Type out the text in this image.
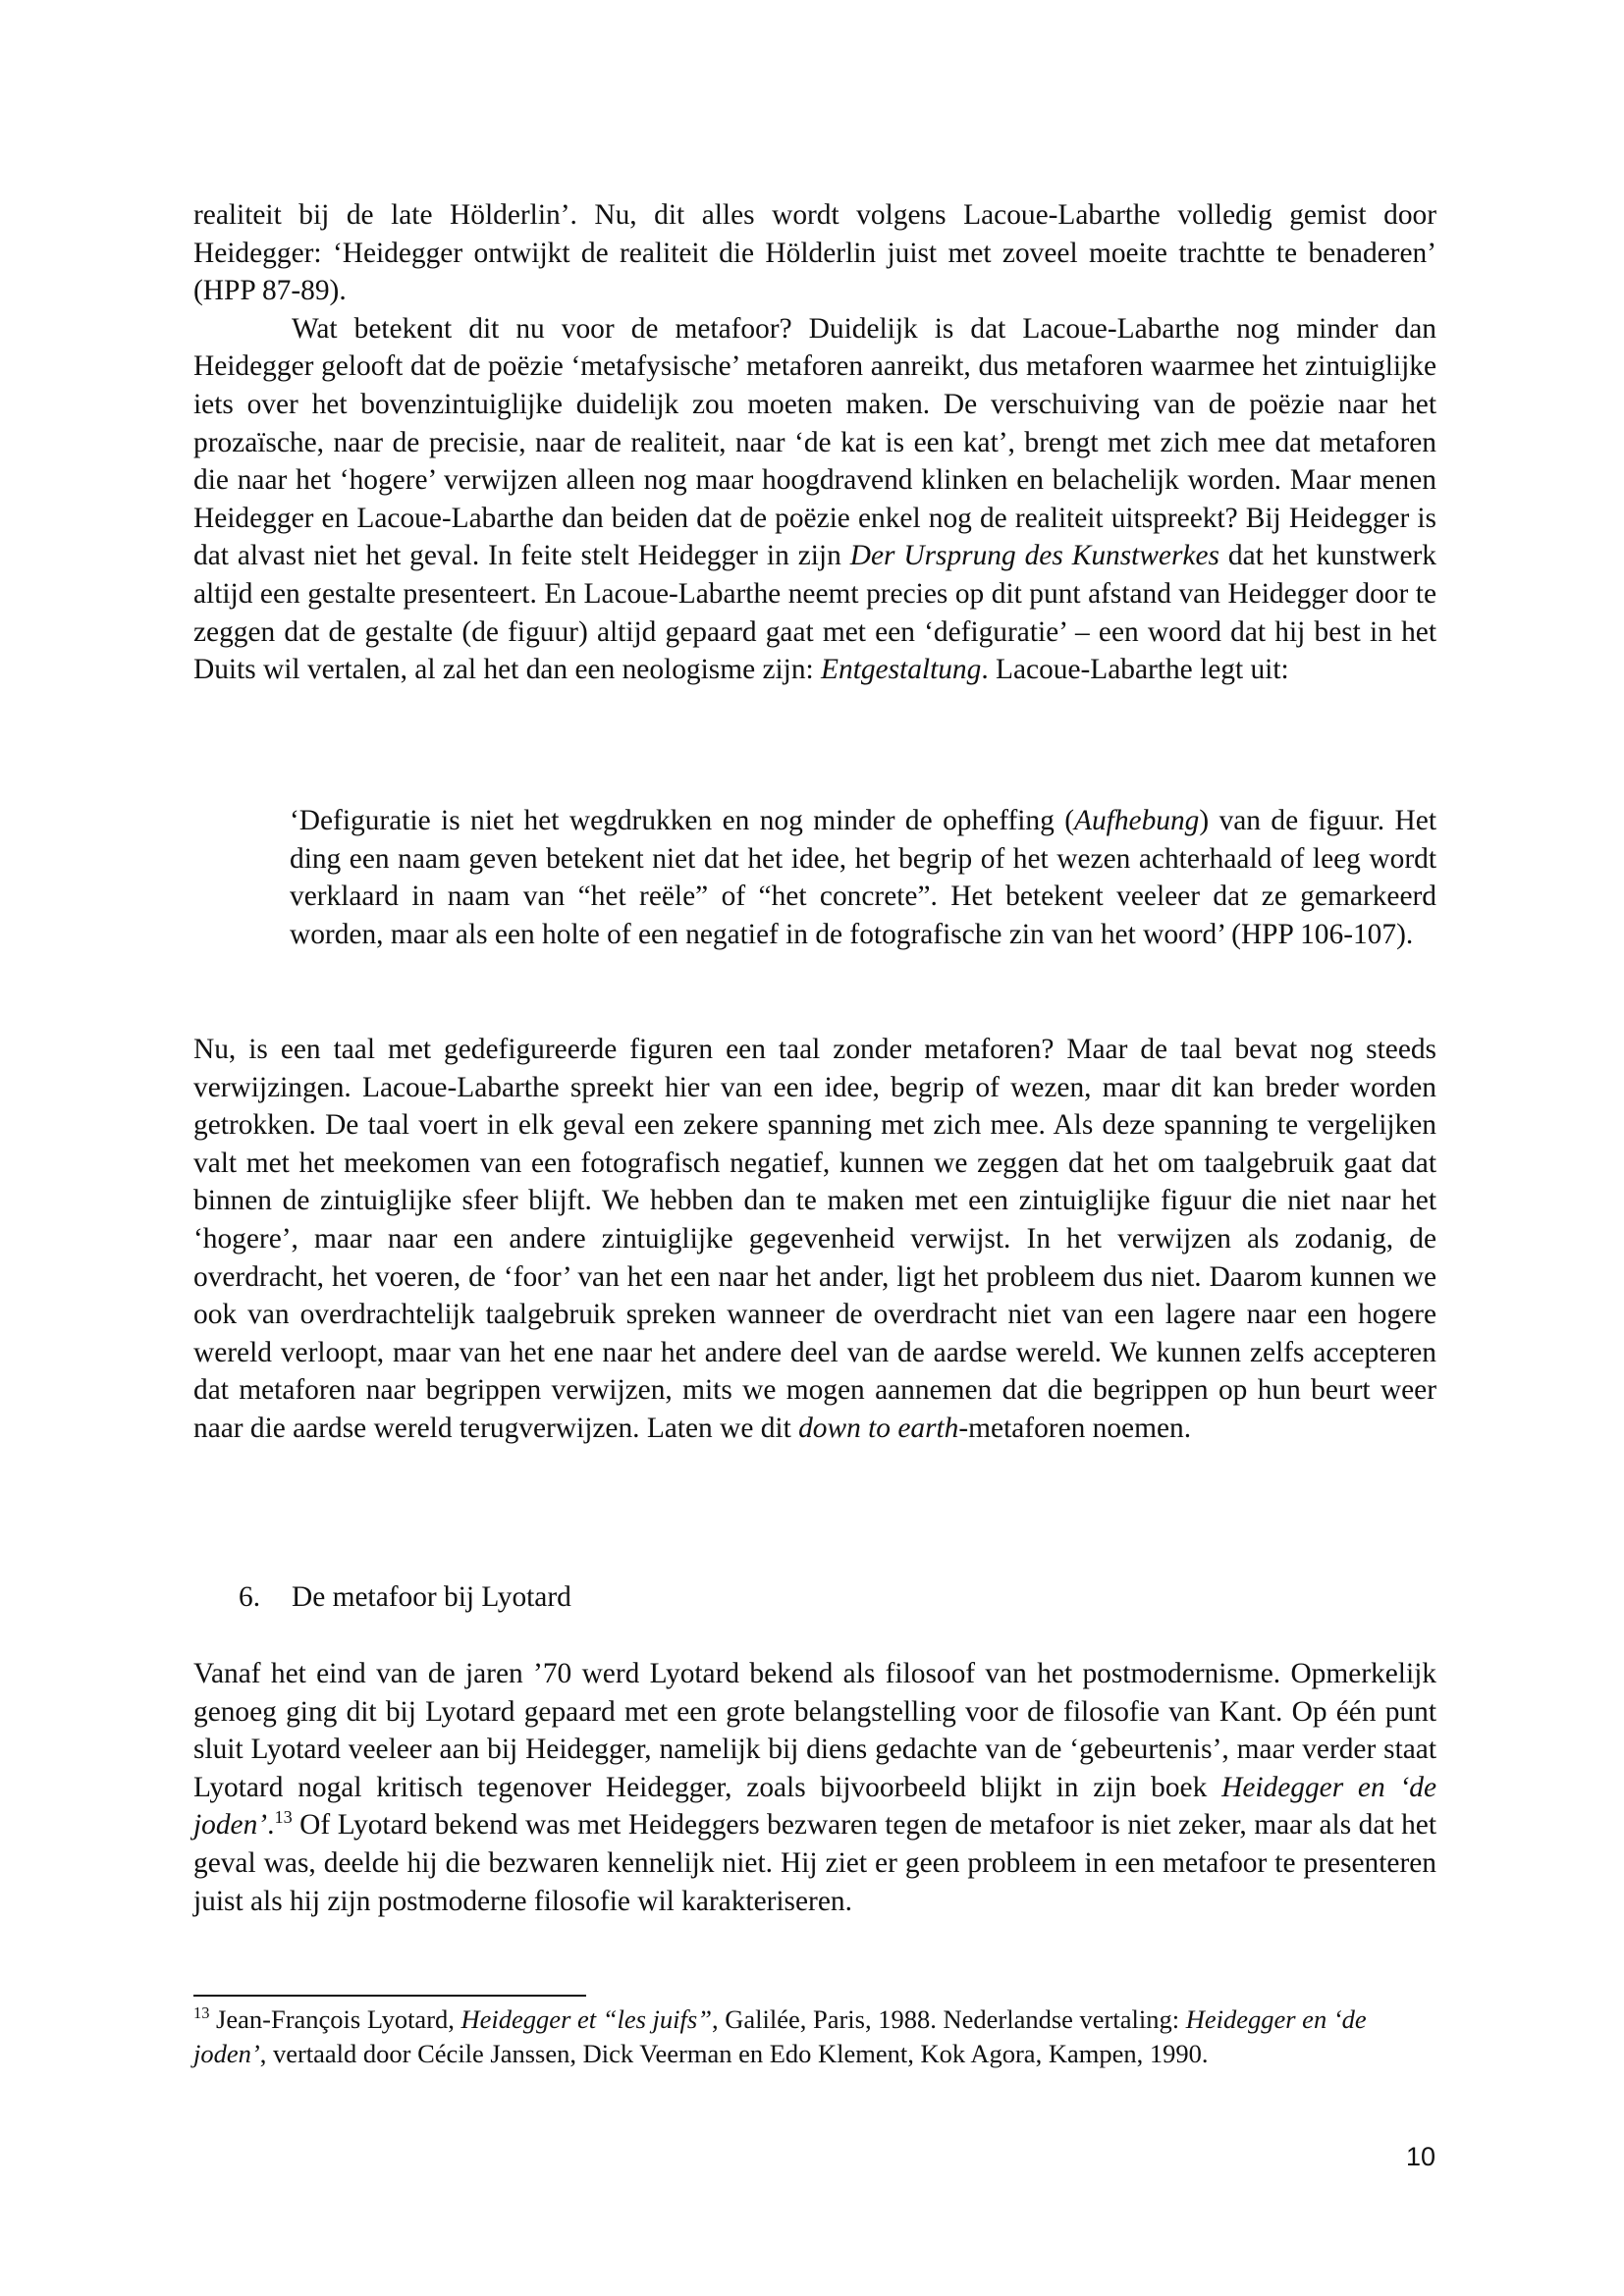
realiteit bij de late Hölderlin’. Nu, dit alles wordt volgens Lacoue-Labarthe volledig gemist door Heidegger: ‘Heidegger ontwijkt de realiteit die Hölderlin juist met zoveel moeite trachtte te benaderen’ (HPP 87-89).

Wat betekent dit nu voor de metafoor? Duidelijk is dat Lacoue-Labarthe nog minder dan Heidegger gelooft dat de poëzie ‘metafysische’ metaforen aanreikt, dus metaforen waarmee het zintuiglijke iets over het bovenzintuiglijke duidelijk zou moeten maken. De verschuiving van de poëzie naar het prozaïsche, naar de precisie, naar de realiteit, naar ‘de kat is een kat’, brengt met zich mee dat metaforen die naar het ‘hogere’ verwijzen alleen nog maar hoogdravend klinken en belachelijk worden. Maar menen Heidegger en Lacoue-Labarthe dan beiden dat de poëzie enkel nog de realiteit uitspreekt? Bij Heidegger is dat alvast niet het geval. In feite stelt Heidegger in zijn Der Ursprung des Kunstwerkes dat het kunstwerk altijd een gestalte presenteert. En Lacoue-Labarthe neemt precies op dit punt afstand van Heidegger door te zeggen dat de gestalte (de figuur) altijd gepaard gaat met een ‘defiguratie’ – een woord dat hij best in het Duits wil vertalen, al zal het dan een neologisme zijn: Entgestaltung. Lacoue-Labarthe legt uit:

‘Defiguratie is niet het wegdrukken en nog minder de opheffing (Aufhebung) van de figuur. Het ding een naam geven betekent niet dat het idee, het begrip of het wezen achterhaald of leeg wordt verklaard in naam van “het reële” of “het concrete”. Het betekent veeleer dat ze gemarkeerd worden, maar als een holte of een negatief in de fotografische zin van het woord’ (HPP 106-107).

Nu, is een taal met gedefigureerde figuren een taal zonder metaforen? Maar de taal bevat nog steeds verwijzingen. Lacoue-Labarthe spreekt hier van een idee, begrip of wezen, maar dit kan breder worden getrokken. De taal voert in elk geval een zekere spanning met zich mee. Als deze spanning te vergelijken valt met het meekomen van een fotografisch negatief, kunnen we zeggen dat het om taalgebruik gaat dat binnen de zintuiglijke sfeer blijft. We hebben dan te maken met een zintuiglijke figuur die niet naar het ‘hogere’, maar naar een andere zintuiglijke gegevenheid verwijst. In het verwijzen als zodanig, de overdracht, het voeren, de ‘foor’ van het een naar het ander, ligt het probleem dus niet. Daarom kunnen we ook van overdrachtelijk taalgebruik spreken wanneer de overdracht niet van een lagere naar een hogere wereld verloopt, maar van het ene naar het andere deel van de aardse wereld. We kunnen zelfs accepteren dat metaforen naar begrippen verwijzen, mits we mogen aannemen dat die begrippen op hun beurt weer naar die aardse wereld terugverwijzen. Laten we dit down to earth-metaforen noemen.

6. De metafoor bij Lyotard

Vanaf het eind van de jaren ’70 werd Lyotard bekend als filosoof van het postmodernisme. Opmerkelijk genoeg ging dit bij Lyotard gepaard met een grote belangstelling voor de filosofie van Kant. Op één punt sluit Lyotard veeleer aan bij Heidegger, namelijk bij diens gedachte van de ‘gebeurtenis’, maar verder staat Lyotard nogal kritisch tegenover Heidegger, zoals bijvoorbeeld blijkt in zijn boek Heidegger en ‘de joden’.$^{13}$ Of Lyotard bekend was met Heideggers bezwaren tegen de metafoor is niet zeker, maar als dat het geval was, deelde hij die bezwaren kennelijk niet. Hij ziet er geen probleem in een metafoor te presenteren juist als hij zijn postmoderne filosofie wil karakteriseren.

$^{13}$ Jean-François Lyotard, Heidegger et “les juifs”, Galilée, Paris, 1988. Nederlandse vertaling: Heidegger en ‘de joden’, vertaald door Cécile Janssen, Dick Veerman en Edo Klement, Kok Agora, Kampen, 1990.

10
